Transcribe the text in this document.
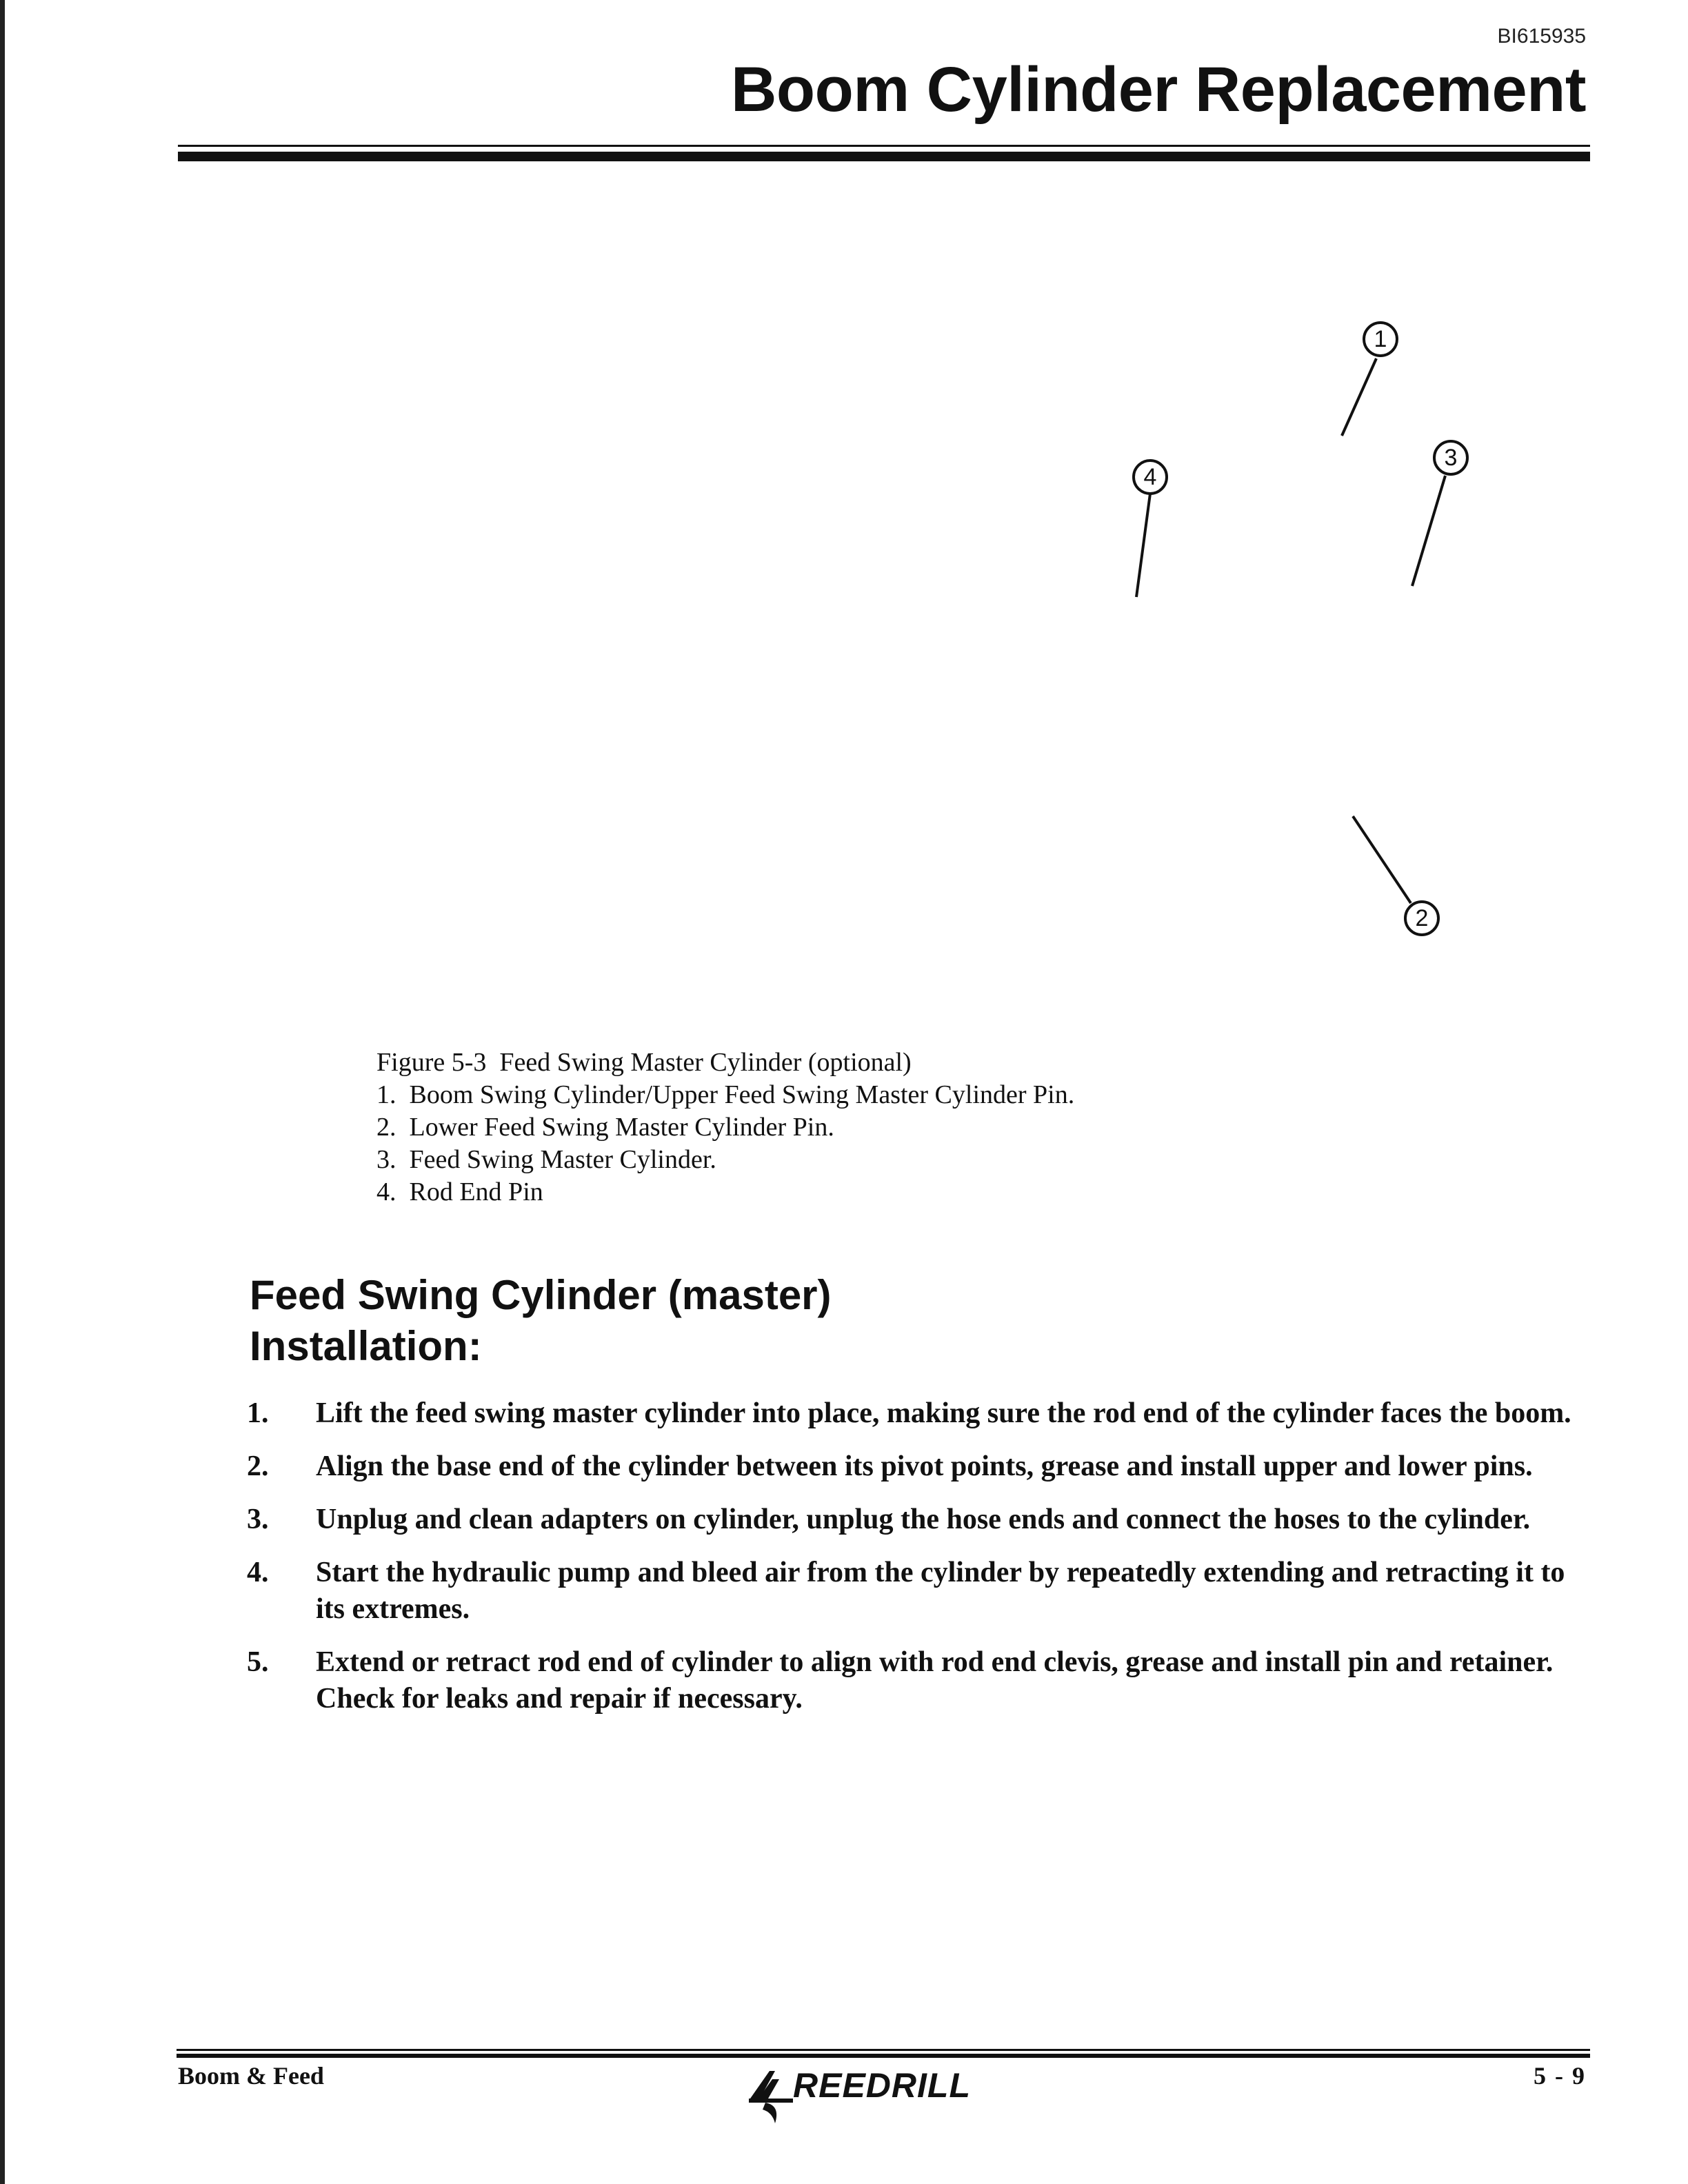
BI615935
Boom Cylinder Replacement
1
3
4
2
Figure 5-3  Feed Swing Master Cylinder (optional)
1.  Boom Swing Cylinder/Upper Feed Swing Master Cylinder Pin.
2.  Lower Feed Swing Master Cylinder Pin.
3.  Feed Swing Master Cylinder.
4.  Rod End Pin
Feed Swing Cylinder (master)
Installation:
1. Lift the feed swing master cylinder into place, making sure the rod end of the cylinder faces the boom.
2. Align the base end of the cylinder between its pivot points, grease and install upper and lower pins.
3. Unplug and clean adapters on cylinder, unplug the hose ends and connect the hoses to the cylinder.
4. Start the hydraulic pump and bleed air from the cylinder by repeatedly extending and retracting it to its extremes.
5. Extend or retract rod end of cylinder to align with rod end clevis, grease and install pin and retainer. Check for leaks and repair if necessary.
Boom & Feed	REEDRILL	5 - 9
